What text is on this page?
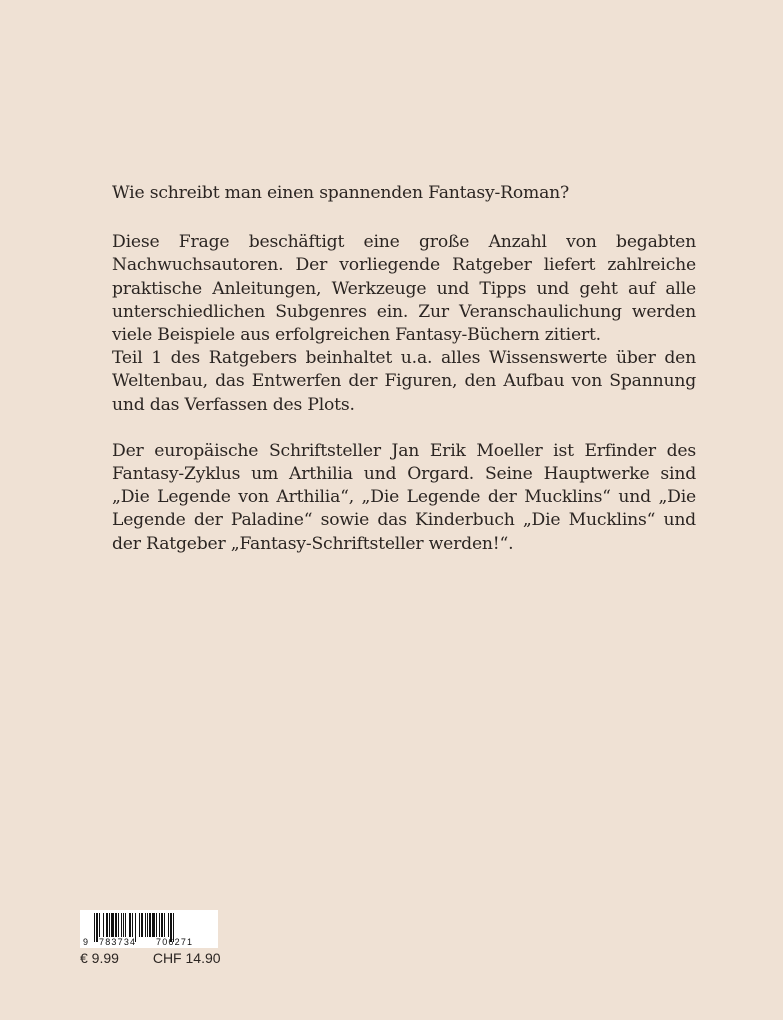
Wie schreibt man einen spannenden Fantasy-Roman?

Diese Frage beschäftigt eine große Anzahl von begabten Nachwuchsautoren. Der vorliegende Ratgeber liefert zahlreiche praktische Anleitungen, Werkzeuge und Tipps und geht auf alle unterschiedlichen Subgenres ein. Zur Veranschaulichung werden viele Beispiele aus erfolgreichen Fantasy-Büchern zitiert.

Teil 1 des Ratgebers beinhaltet u.a. alles Wissenswerte über den Weltenbau, das Entwerfen der Figuren, den Aufbau von Spannung und das Verfassen des Plots.

Der europäische Schriftsteller Jan Erik Moeller ist Erfinder des Fantasy-Zyklus um Arthilia und Orgard. Seine Hauptwerke sind „Die Legende von Arthilia“, „Die Legende der Mucklins“ und „Die Legende der Paladine“ sowie das Kinderbuch „Die Mucklins“ und der Ratgeber „Fantasy-Schriftsteller werden!“.

9 783734 706271
€ 9.99 CHF 14.90
